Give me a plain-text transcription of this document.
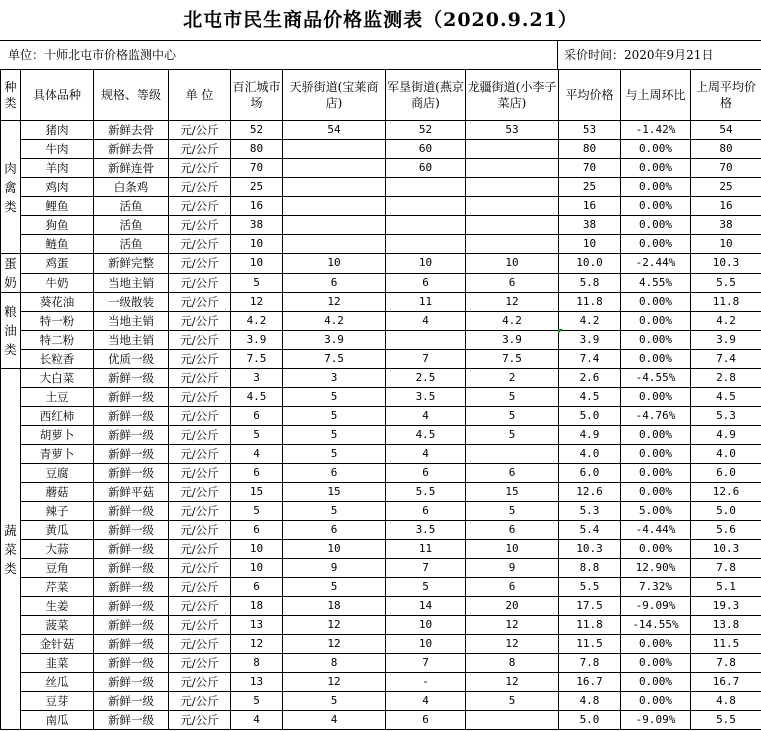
北屯市民生商品价格监测表（2020.9.21）
单位：十师北屯市价格监测中心	采价时间：2020年9月21日
种类	具体品种	规格、等级	单 位	百汇城市场	天骄街道(宝莱商店)	军垦街道(燕京商店)	龙疆街道(小李子菜店)	平均价格	与上周环比	上周平均价格
肉禽类	猪肉	新鲜去骨	元/公斤	52	54	52	53	53	-1.42%	54
	牛肉	新鲜去骨	元/公斤	80		60		80	0.00%	80
	羊肉	新鲜连骨	元/公斤	70		60		70	0.00%	70
	鸡肉	白条鸡	元/公斤	25				25	0.00%	25
	鲤鱼	活鱼	元/公斤	16				16	0.00%	16
	狗鱼	活鱼	元/公斤	38				38	0.00%	38
	鲢鱼	活鱼	元/公斤	10				10	0.00%	10
蛋奶	鸡蛋	新鲜完整	元/公斤	10	10	10	10	10.0	-2.44%	10.3
	牛奶	当地主销	元/公斤	5	6	6	6	5.8	4.55%	5.5
粮油类	葵花油	一级散装	元/公斤	12	12	11	12	11.8	0.00%	11.8
	特一粉	当地主销	元/公斤	4.2	4.2	4	4.2	4.2	0.00%	4.2
	特二粉	当地主销	元/公斤	3.9	3.9		3.9	3.9	0.00%	3.9
	长粒香	优质一级	元/公斤	7.5	7.5	7	7.5	7.4	0.00%	7.4
蔬菜类	大白菜	新鲜一级	元/公斤	3	3	2.5	2	2.6	-4.55%	2.8
	土豆	新鲜一级	元/公斤	4.5	5	3.5	5	4.5	0.00%	4.5
	西红柿	新鲜一级	元/公斤	6	5	4	5	5.0	-4.76%	5.3
	胡萝卜	新鲜一级	元/公斤	5	5	4.5	5	4.9	0.00%	4.9
	青萝卜	新鲜一级	元/公斤	4	5	4		4.0	0.00%	4.0
	豆腐	新鲜一级	元/公斤	6	6	6	6	6.0	0.00%	6.0
	蘑菇	新鲜平菇	元/公斤	15	15	5.5	15	12.6	0.00%	12.6
	辣子	新鲜一级	元/公斤	5	5	6	5	5.3	5.00%	5.0
	黄瓜	新鲜一级	元/公斤	6	6	3.5	6	5.4	-4.44%	5.6
	大蒜	新鲜一级	元/公斤	10	10	11	10	10.3	0.00%	10.3
	豆角	新鲜一级	元/公斤	10	9	7	9	8.8	12.90%	7.8
	芹菜	新鲜一级	元/公斤	6	5	5	6	5.5	7.32%	5.1
	生姜	新鲜一级	元/公斤	18	18	14	20	17.5	-9.09%	19.3
	菠菜	新鲜一级	元/公斤	13	12	10	12	11.8	-14.55%	13.8
	金针菇	新鲜一级	元/公斤	12	12	10	12	11.5	0.00%	11.5
	韭菜	新鲜一级	元/公斤	8	8	7	8	7.8	0.00%	7.8
	丝瓜	新鲜一级	元/公斤	13	12	-	12	16.7	0.00%	16.7
	豆芽	新鲜一级	元/公斤	5	5	4	5	4.8	0.00%	4.8
	南瓜	新鲜一级	元/公斤	4	4	6		5.0	-9.09%	5.5
